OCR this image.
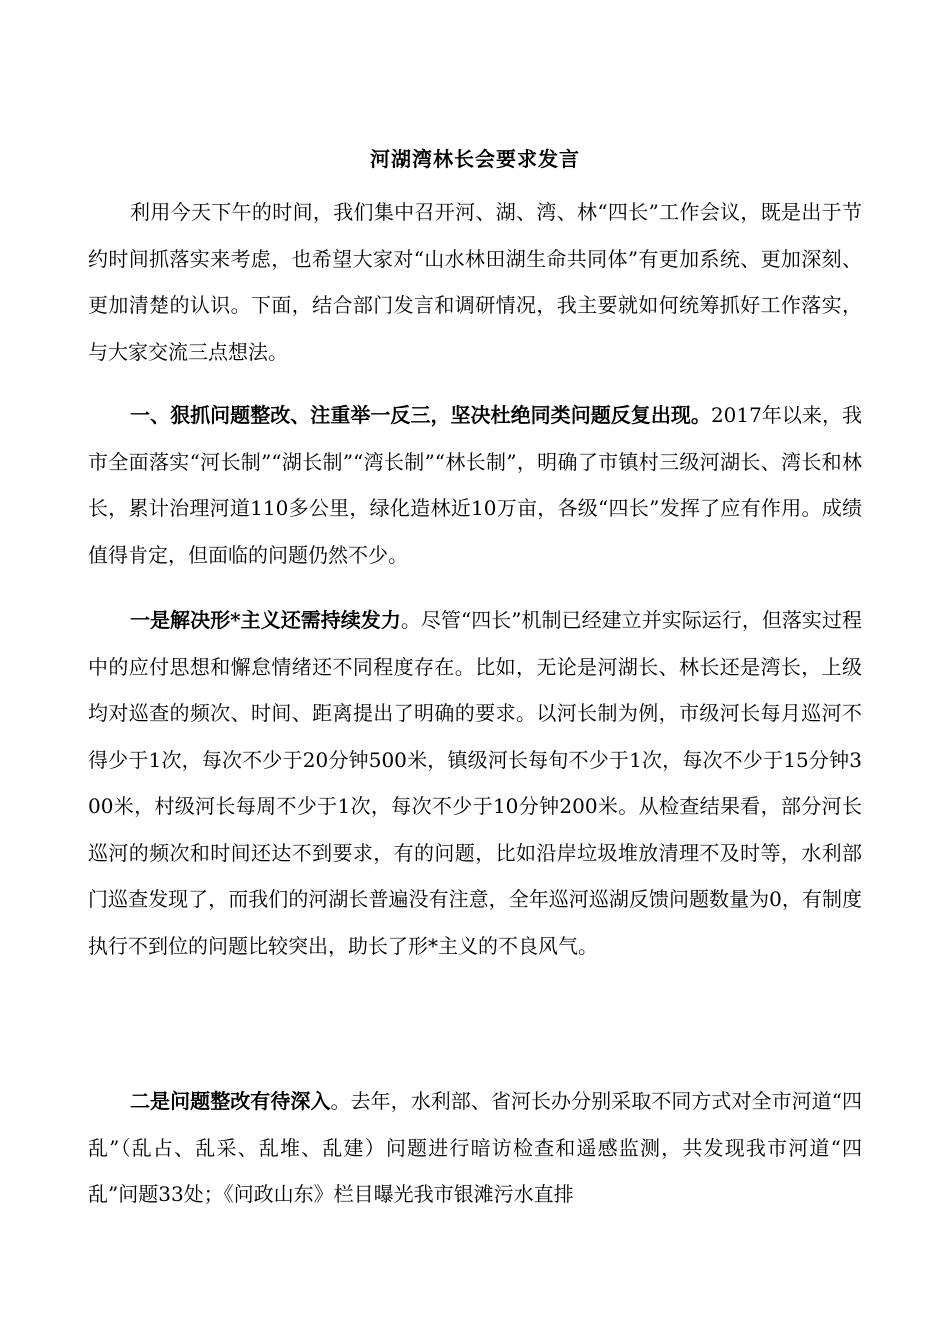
河湖湾林长会要求发言

利用今天下午的时间，我们集中召开河、湖、湾、林“四长”工作会议，既是出于节约时间抓落实来考虑，也希望大家对“山水林田湖生命共同体”有更加系统、更加深刻、更加清楚的认识。下面，结合部门发言和调研情况，我主要就如何统筹抓好工作落实，与大家交流三点想法。

一、狠抓问题整改、注重举一反三，坚决杜绝同类问题反复出现。2017年以来，我市全面落实“河长制”“湖长制”“湾长制”“林长制”，明确了市镇村三级河湖长、湾长和林长，累计治理河道110多公里，绿化造林近10万亩，各级“四长”发挥了应有作用。成绩值得肯定，但面临的问题仍然不少。

一是解决形*主义还需持续发力。尽管“四长”机制已经建立并实际运行，但落实过程中的应付思想和懈怠情绪还不同程度存在。比如，无论是河湖长、林长还是湾长，上级均对巡查的频次、时间、距离提出了明确的要求。以河长制为例，市级河长每月巡河不得少于1次，每次不少于20分钟500米，镇级河长每旬不少于1次，每次不少于15分钟300米，村级河长每周不少于1次，每次不少于10分钟200米。从检查结果看，部分河长巡河的频次和时间还达不到要求，有的问题，比如沿岸垃圾堆放清理不及时等，水利部门巡查发现了，而我们的河湖长普遍没有注意，全年巡河巡湖反馈问题数量为0，有制度执行不到位的问题比较突出，助长了形*主义的不良风气。

二是问题整改有待深入。去年，水利部、省河长办分别采取不同方式对全市河道“四乱”（乱占、乱采、乱堆、乱建）问题进行暗访检查和遥感监测，共发现我市河道“四乱”问题33处；《问政山东》栏目曝光我市银滩污水直排
